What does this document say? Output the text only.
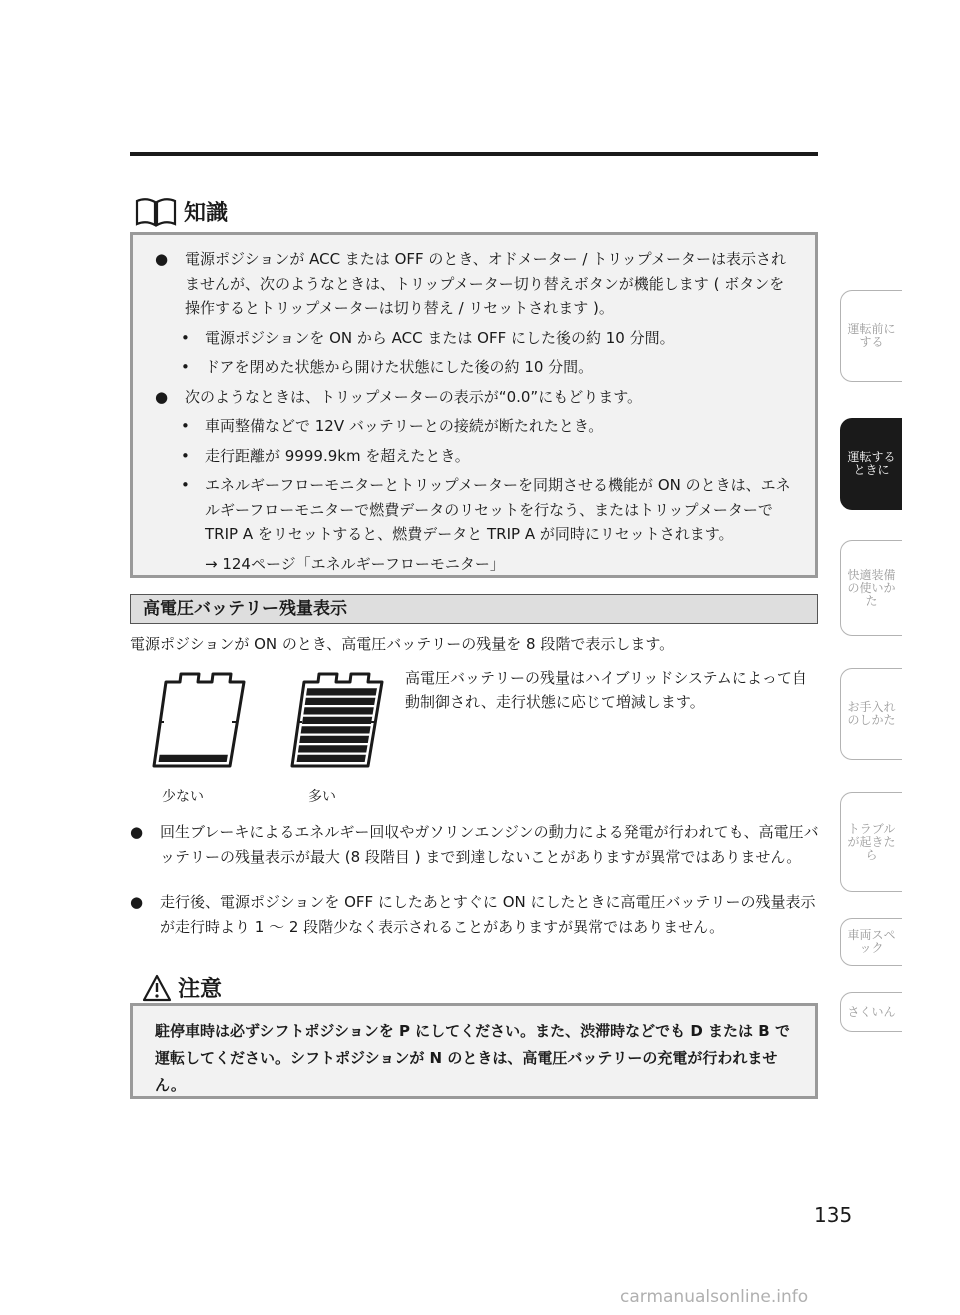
知識
● 電源ポジションが ACC または OFF のとき、オドメーター / トリップメーターは表示されませんが、次のようなときは、トリップメーター切り替えボタンが機能します ( ボタンを操作するとトリップメーターは切り替え / リセットされます )。
• 電源ポジションを ON から ACC または OFF にした後の約 10 分間。
• ドアを閉めた状態から開けた状態にした後の約 10 分間。
● 次のようなときは、トリップメーターの表示が“0.0”にもどります。
• 車両整備などで 12V バッテリーとの接続が断たれたとき。
• 走行距離が 9999.9km を超えたとき。
• エネルギーフローモニターとトリップメーターを同期させる機能が ON のときは、エネルギーフローモニターで燃費データのリセットを行なう、またはトリップメーターで TRIP A をリセットすると、燃費データと TRIP A が同時にリセットされます。
→ 124ページ「エネルギーフローモニター」
高電圧バッテリー残量表示
電源ポジションが ON のとき、高電圧バッテリーの残量を 8 段階で表示します。
少ない	多い
高電圧バッテリーの残量はハイブリッドシステムによって自動制御され、走行状態に応じて増減します。
● 回生ブレーキによるエネルギー回収やガソリンエンジンの動力による発電が行われても、高電圧バッテリーの残量表示が最大 (8 段階目 ) まで到達しないことがありますが異常ではありません。
● 走行後、電源ポジションを OFF にしたあとすぐに ON にしたときに高電圧バッテリーの残量表示が走行時より 1 ～ 2 段階少なく表示されることがありますが異常ではありません。
注意
駐停車時は必ずシフトポジションを P にしてください。また、渋滞時などでも D または B で運転してください。シフトポジションが N のときは、高電圧バッテリーの充電が行われません。
運転前にする
運転するときに
快適装備の使いかた
お手入れのしかた
トラブルが起きたら
車両スペック
さくいん
135
carmanualsonline.info
